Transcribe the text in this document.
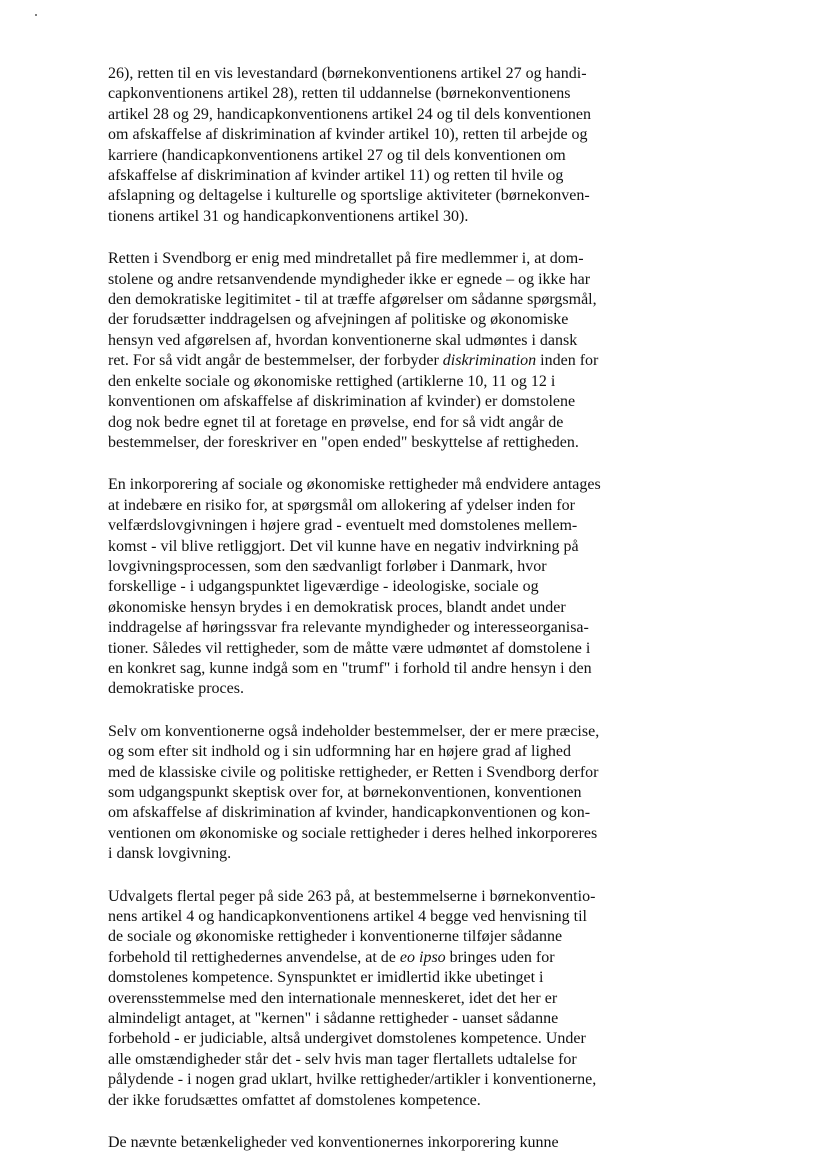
26), retten til en vis levestandard (børnekonventionens artikel 27 og handi-
capkonventionens artikel 28), retten til uddannelse (børnekonventionens
artikel 28 og 29, handicapkonventionens artikel 24 og til dels konventionen
om afskaffelse af diskrimination af kvinder artikel 10), retten til arbejde og
karriere (handicapkonventionens artikel 27 og til dels konventionen om
afskaffelse af diskrimination af kvinder artikel 11) og retten til hvile og
afslapning og deltagelse i kulturelle og sportslige aktiviteter (børnekonven-
tionens artikel 31 og handicapkonventionens artikel 30).

Retten i Svendborg er enig med mindretallet på fire medlemmer i, at dom-
stolene og andre retsanvendende myndigheder ikke er egnede – og ikke har
den demokratiske legitimitet - til at træffe afgørelser om sådanne spørgsmål,
der forudsætter inddragelsen og afvejningen af politiske og økonomiske
hensyn ved afgørelsen af, hvordan konventionerne skal udmøntes i dansk
ret. For så vidt angår de bestemmelser, der forbyder diskrimination inden for
den enkelte sociale og økonomiske rettighed (artiklerne 10, 11 og 12 i
konventionen om afskaffelse af diskrimination af kvinder) er domstolene
dog nok bedre egnet til at foretage en prøvelse, end for så vidt angår de
bestemmelser, der foreskriver en "open ended" beskyttelse af rettigheden.

En inkorporering af sociale og økonomiske rettigheder må endvidere antages
at indebære en risiko for, at spørgsmål om allokering af ydelser inden for
velfærdslovgivningen i højere grad - eventuelt med domstolenes mellem-
komst - vil blive retliggjort. Det vil kunne have en negativ indvirkning på
lovgivningsprocessen, som den sædvanligt forløber i Danmark, hvor
forskellige - i udgangspunktet ligeværdige - ideologiske, sociale og
økonomiske hensyn brydes i en demokratisk proces, blandt andet under
inddragelse af høringssvar fra relevante myndigheder og interesseorganisa-
tioner. Således vil rettigheder, som de måtte være udmøntet af domstolene i
en konkret sag, kunne indgå som en "trumf" i forhold til andre hensyn i den
demokratiske proces.

Selv om konventionerne også indeholder bestemmelser, der er mere præcise,
og som efter sit indhold og i sin udformning har en højere grad af lighed
med de klassiske civile og politiske rettigheder, er Retten i Svendborg derfor
som udgangspunkt skeptisk over for, at børnekonventionen, konventionen
om afskaffelse af diskrimination af kvinder, handicapkonventionen og kon-
ventionen om økonomiske og sociale rettigheder i deres helhed inkorporeres
i dansk lovgivning.

Udvalgets flertal peger på side 263 på, at bestemmelserne i børnekonventio-
nens artikel 4 og handicapkonventionens artikel 4 begge ved henvisning til
de sociale og økonomiske rettigheder i konventionerne tilføjer sådanne
forbehold til rettighedernes anvendelse, at de eo ipso bringes uden for
domstolenes kompetence. Synspunktet er imidlertid ikke ubetinget i
overensstemmelse med den internationale menneskeret, idet det her er
almindeligt antaget, at "kernen" i sådanne rettigheder - uanset sådanne
forbehold - er judiciable, altså undergivet domstolenes kompetence. Under
alle omstændigheder står det - selv hvis man tager flertallets udtalelse for
pålydende - i nogen grad uklart, hvilke rettigheder/artikler i konventionerne,
der ikke forudsættes omfattet af domstolenes kompetence.

De nævnte betænkeligheder ved konventionernes inkorporering kunne
